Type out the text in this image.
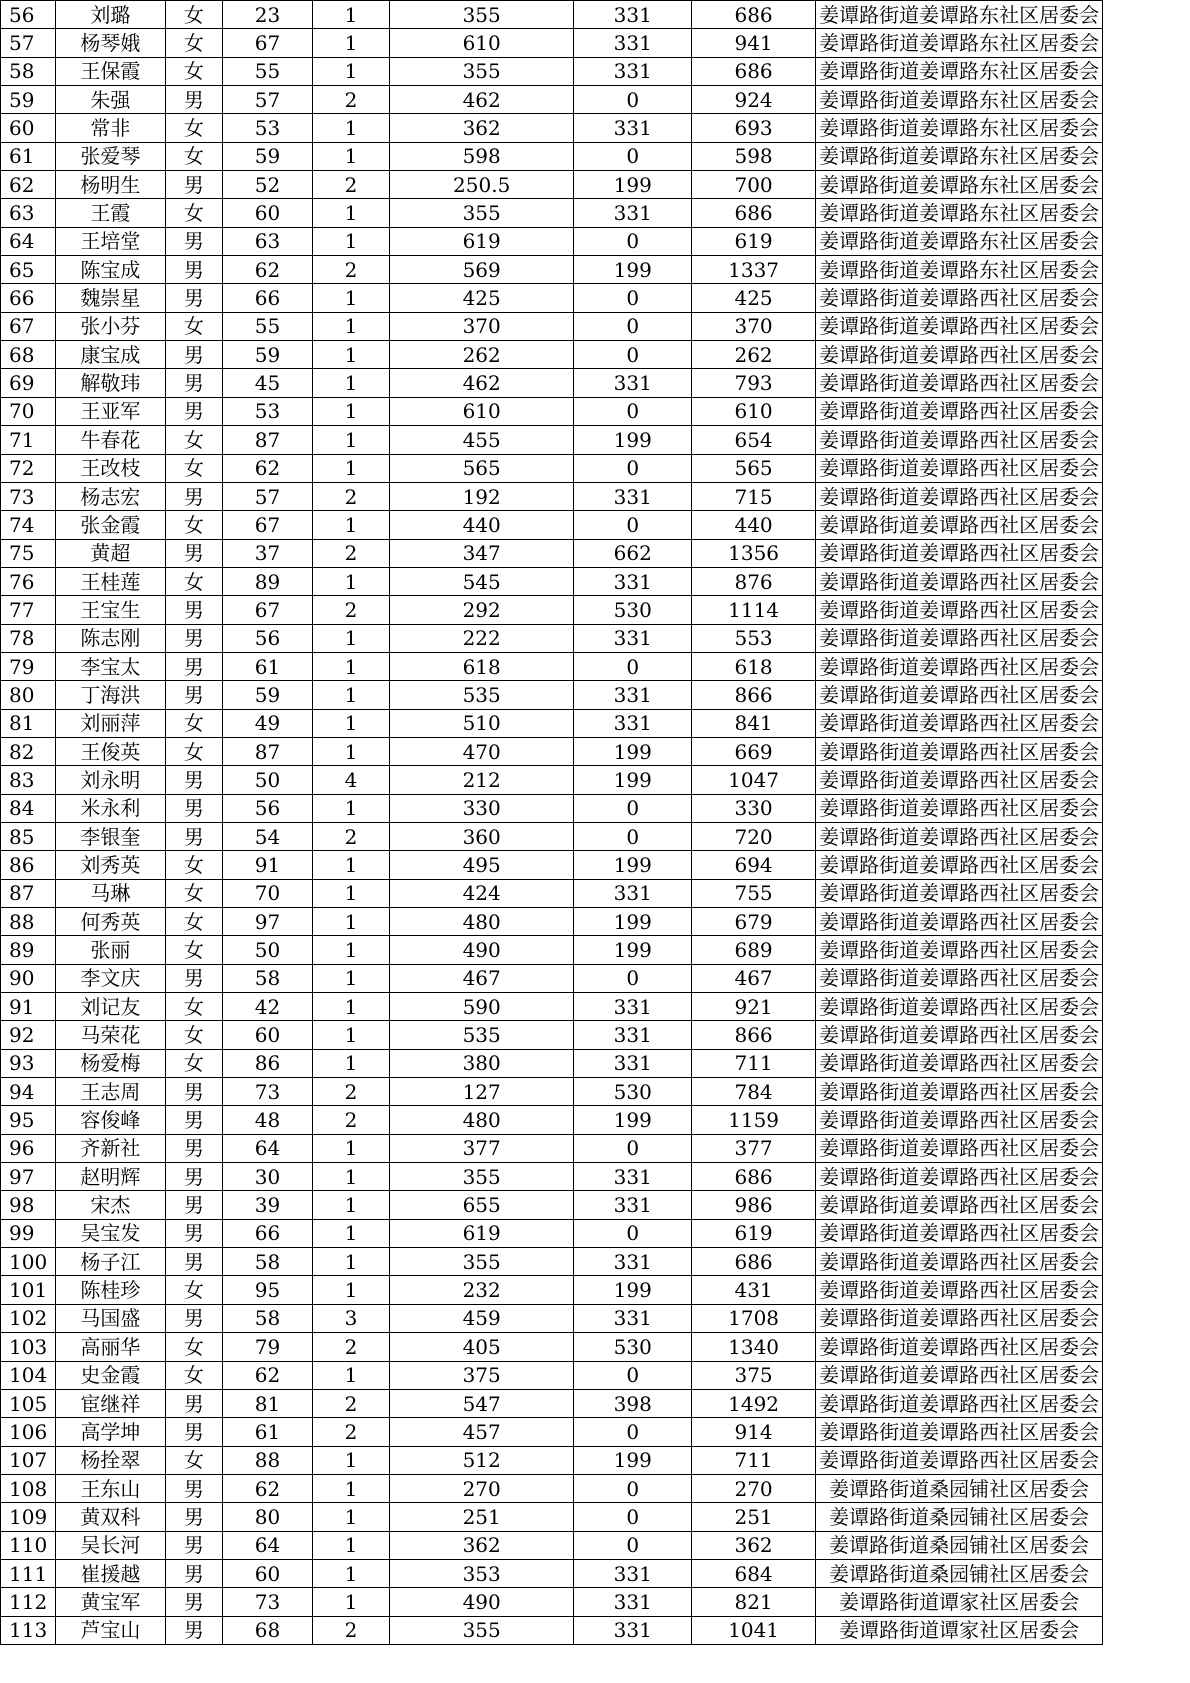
56	刘璐	女	23	1	355	331	686	姜谭路街道姜谭路东社区居委会
57	杨琴娥	女	67	1	610	331	941	姜谭路街道姜谭路东社区居委会
58	王保霞	女	55	1	355	331	686	姜谭路街道姜谭路东社区居委会
59	朱强	男	57	2	462	0	924	姜谭路街道姜谭路东社区居委会
60	常非	女	53	1	362	331	693	姜谭路街道姜谭路东社区居委会
61	张爱琴	女	59	1	598	0	598	姜谭路街道姜谭路东社区居委会
62	杨明生	男	52	2	250.5	199	700	姜谭路街道姜谭路东社区居委会
63	王霞	女	60	1	355	331	686	姜谭路街道姜谭路东社区居委会
64	王培堂	男	63	1	619	0	619	姜谭路街道姜谭路东社区居委会
65	陈宝成	男	62	2	569	199	1337	姜谭路街道姜谭路东社区居委会
66	魏崇星	男	66	1	425	0	425	姜谭路街道姜谭路西社区居委会
67	张小芬	女	55	1	370	0	370	姜谭路街道姜谭路西社区居委会
68	康宝成	男	59	1	262	0	262	姜谭路街道姜谭路西社区居委会
69	解敬玮	男	45	1	462	331	793	姜谭路街道姜谭路西社区居委会
70	王亚军	男	53	1	610	0	610	姜谭路街道姜谭路西社区居委会
71	牛春花	女	87	1	455	199	654	姜谭路街道姜谭路西社区居委会
72	王改枝	女	62	1	565	0	565	姜谭路街道姜谭路西社区居委会
73	杨志宏	男	57	2	192	331	715	姜谭路街道姜谭路西社区居委会
74	张金霞	女	67	1	440	0	440	姜谭路街道姜谭路西社区居委会
75	黄超	男	37	2	347	662	1356	姜谭路街道姜谭路西社区居委会
76	王桂莲	女	89	1	545	331	876	姜谭路街道姜谭路西社区居委会
77	王宝生	男	67	2	292	530	1114	姜谭路街道姜谭路西社区居委会
78	陈志刚	男	56	1	222	331	553	姜谭路街道姜谭路西社区居委会
79	李宝太	男	61	1	618	0	618	姜谭路街道姜谭路西社区居委会
80	丁海洪	男	59	1	535	331	866	姜谭路街道姜谭路西社区居委会
81	刘丽萍	女	49	1	510	331	841	姜谭路街道姜谭路西社区居委会
82	王俊英	女	87	1	470	199	669	姜谭路街道姜谭路西社区居委会
83	刘永明	男	50	4	212	199	1047	姜谭路街道姜谭路西社区居委会
84	米永利	男	56	1	330	0	330	姜谭路街道姜谭路西社区居委会
85	李银奎	男	54	2	360	0	720	姜谭路街道姜谭路西社区居委会
86	刘秀英	女	91	1	495	199	694	姜谭路街道姜谭路西社区居委会
87	马琳	女	70	1	424	331	755	姜谭路街道姜谭路西社区居委会
88	何秀英	女	97	1	480	199	679	姜谭路街道姜谭路西社区居委会
89	张丽	女	50	1	490	199	689	姜谭路街道姜谭路西社区居委会
90	李文庆	男	58	1	467	0	467	姜谭路街道姜谭路西社区居委会
91	刘记友	女	42	1	590	331	921	姜谭路街道姜谭路西社区居委会
92	马荣花	女	60	1	535	331	866	姜谭路街道姜谭路西社区居委会
93	杨爱梅	女	86	1	380	331	711	姜谭路街道姜谭路西社区居委会
94	王志周	男	73	2	127	530	784	姜谭路街道姜谭路西社区居委会
95	容俊峰	男	48	2	480	199	1159	姜谭路街道姜谭路西社区居委会
96	齐新社	男	64	1	377	0	377	姜谭路街道姜谭路西社区居委会
97	赵明辉	男	30	1	355	331	686	姜谭路街道姜谭路西社区居委会
98	宋杰	男	39	1	655	331	986	姜谭路街道姜谭路西社区居委会
99	吴宝发	男	66	1	619	0	619	姜谭路街道姜谭路西社区居委会
100	杨子江	男	58	1	355	331	686	姜谭路街道姜谭路西社区居委会
101	陈桂珍	女	95	1	232	199	431	姜谭路街道姜谭路西社区居委会
102	马国盛	男	58	3	459	331	1708	姜谭路街道姜谭路西社区居委会
103	高丽华	女	79	2	405	530	1340	姜谭路街道姜谭路西社区居委会
104	史金霞	女	62	1	375	0	375	姜谭路街道姜谭路西社区居委会
105	宦继祥	男	81	2	547	398	1492	姜谭路街道姜谭路西社区居委会
106	高学坤	男	61	2	457	0	914	姜谭路街道姜谭路西社区居委会
107	杨拴翠	女	88	1	512	199	711	姜谭路街道姜谭路西社区居委会
108	王东山	男	62	1	270	0	270	姜谭路街道桑园铺社区居委会
109	黄双科	男	80	1	251	0	251	姜谭路街道桑园铺社区居委会
110	吴长河	男	64	1	362	0	362	姜谭路街道桑园铺社区居委会
111	崔援越	男	60	1	353	331	684	姜谭路街道桑园铺社区居委会
112	黄宝军	男	73	1	490	331	821	姜谭路街道谭家社区居委会
113	芦宝山	男	68	2	355	331	1041	姜谭路街道谭家社区居委会
